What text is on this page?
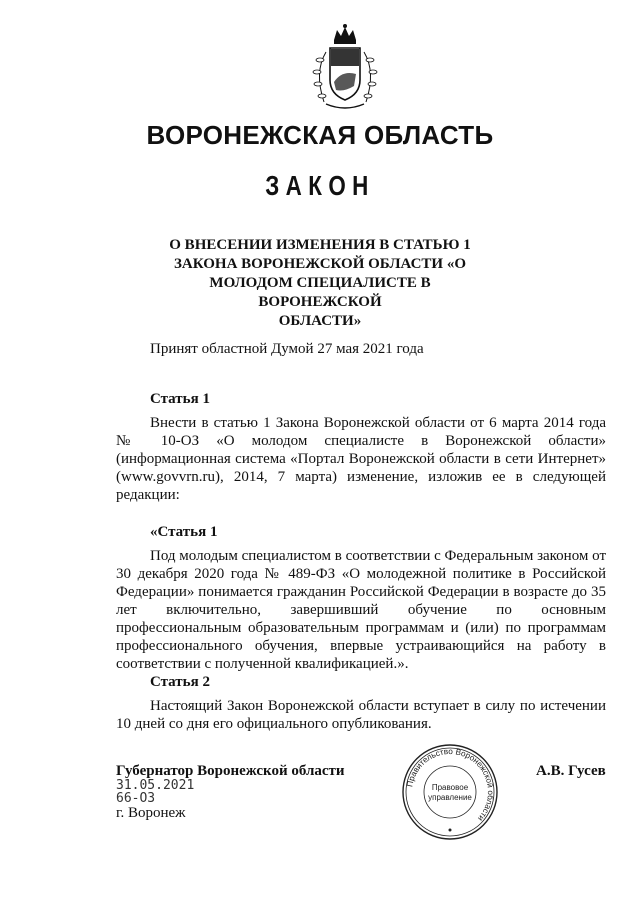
ВОРОНЕЖСКАЯ ОБЛАСТЬ
ЗАКОН
О ВНЕСЕНИИ ИЗМЕНЕНИЯ В СТАТЬЮ 1
ЗАКОНА ВОРОНЕЖСКОЙ ОБЛАСТИ «О
МОЛОДОМ СПЕЦИАЛИСТЕ В ВОРОНЕЖСКОЙ
ОБЛАСТИ»
Принят областной Думой 27 мая 2021 года
Статья 1
Внести в статью 1 Закона Воронежской области от 6 марта 2014 года № 10-ОЗ «О молодом специалисте в Воронежской области» (информационная система «Портал Воронежской области в сети Интернет» (www.govvrn.ru), 2014, 7 марта) изменение, изложив ее в следующей редакции:
«Статья 1
Под молодым специалистом в соответствии с Федеральным законом от 30 декабря 2020 года № 489-ФЗ «О молодежной политике в Российской Федерации» понимается гражданин Российской Федерации в возрасте до 35 лет включительно, завершивший обучение по основным профессиональным образовательным программам и (или) по программам профессионального обучения, впервые устраивающийся на работу в соответствии с полученной квалификацией.».
Статья 2
Настоящий Закон Воронежской области вступает в силу по истечении 10 дней со дня его официального опубликования.
Губернатор Воронежской области
31.05.2021
66-ОЗ
г. Воронеж
А.В. Гусев
Правительство Воронежской области
Правовое
управление
